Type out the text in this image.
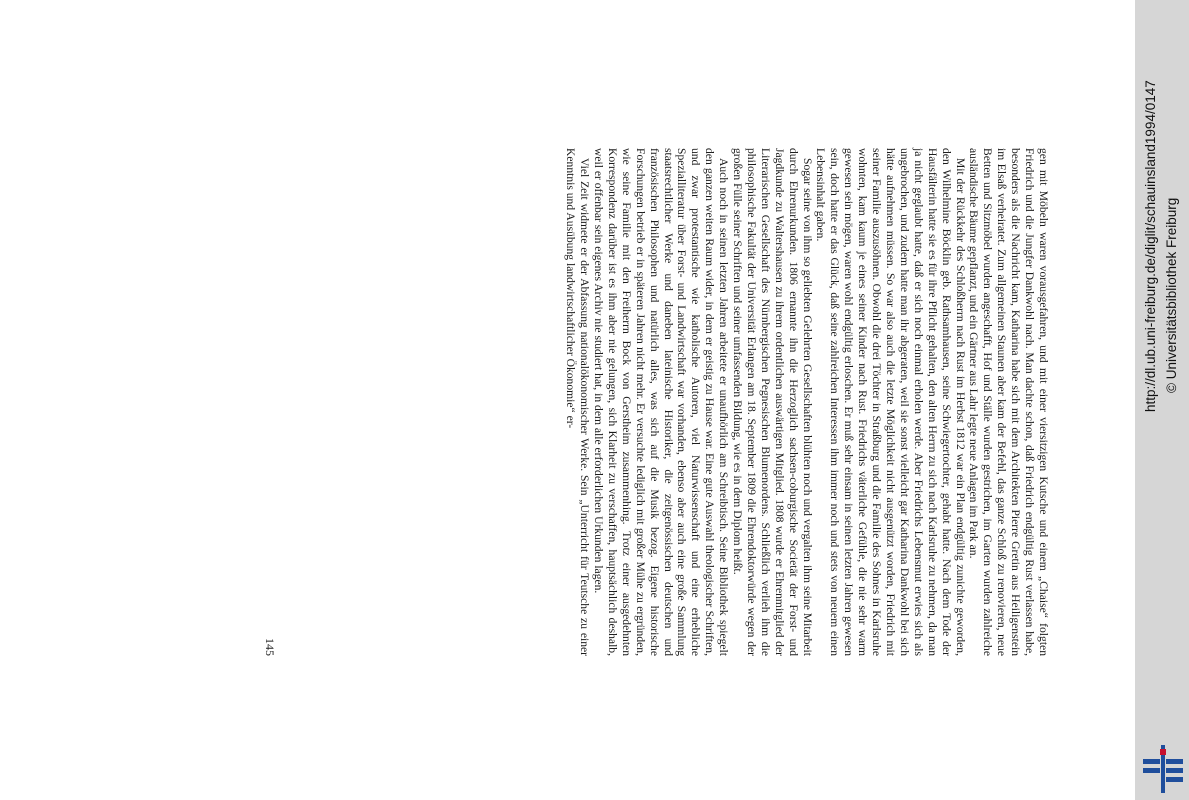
gen mit Möbeln waren vorausgefahren, und mit einer viersitzigen Kutsche und einem „Chaise“ folgten Friedrich und die Jungfer Dankwohl nach. Man dachte schon, daß Friedrich endgültig Rust verlassen habe, besonders als die Nachricht kam, Katharina habe sich mit dem Architekten Pierre Gretin aus Heiligenstein im Elsaß verheiratet. Zum allgemeinen Staunen aber kam der Befehl, das ganze Schloß zu renovieren, neue Betten und Sitzmöbel wurden angeschafft, Hof und Ställe wurden gestrichen, im Garten wurden zahlreiche ausländische Bäume gepflanzt, und ein Gärtner aus Lahr legte neue Anlagen im Park an.

Mit der Rückkehr des Schloßherrn nach Rust im Herbst 1812 war ein Plan endgültig zunichte geworden, den Wilhelmine Böcklin geb. Rathsamhausen, seine Schwiegertochter, gehabt hatte. Nach dem Tode der Hausfälterin hatte sie es für ihre Pflicht gehalten, den alten Herrn zu sich nach Karlsruhe zu nehmen, da man ja nicht geglaubt hatte, daß er sich noch einmal erholen werde. Aber Friedrichs Lebensmut erwies sich als ungebrochen, und zudem hatte man ihr abgeraten, weil sie sonst vielleicht gar Katharina Dankwohl bei sich hätte aufnehmen müssen. So war also auch die letzte Möglichkeit nicht ausgenützt worden, Friedrich mit seiner Familie auszusöhnen. Obwohl die drei Töchter in Straßburg und die Familie des Sohnes in Karlsruhe wohnten, kam kaum je eines seiner Kinder nach Rust. Friedrichs väterliche Gefühle, die nie sehr warm gewesen sein mögen, waren wohl endgültig erloschen. Er muß sehr einsam in seinen letzten Jahren gewesen sein, doch hatte er das Glück, daß seine zahlreichen Interessen ihm immer noch und stets von neuem einen Lebensinhalt gaben.

Sogar seine von ihm so geliebten Gelehrten Gesellschaften blühten noch und vergalten ihm seine Mitarbeit durch Ehrenurkunden. 1806 ernannte ihn die Herzoglich sachsen-coburgische Societät der Forst- und Jagdkunde zu Waltershausen zu ihrem ordentlichen auswärtigen Mitglied. 1808 wurde er Ehrenmitglied der Literarischen Gesellschaft des Nürnbergischen Pegnesischen Blumenordens. Schließlich verlieh ihm die philosophische Fakultät der Universität Erlangen am 18. September 1809 die Ehrendoktorwürde wegen der großen Fülle seiner Schriften und seiner umfassenden Bildung, wie es in dem Diplom heißt.

Auch noch in seinen letzten Jahren arbeitete er unaufhörlich am Schreibtisch. Seine Bibliothek spiegelt den ganzen weiten Raum wider, in dem er geistig zu Hause war. Eine gute Auswahl theologischer Schriften, und zwar protestantische wie katholische Autoren, viel Naturwissenschaft und eine erhebliche Spezialliteratur über Forst- und Landwirtschaft war vorhanden, ebenso aber auch eine große Sammlung staatsrechtlicher Werke und daneben lateinische Historiker, die zeitgenössischen deutschen und französischen Philosophen und natürlich alles, was sich auf die Musik bezog. Eigene historische Forschungen betrieb er in späteren Jahren nicht mehr. Er versuchte lediglich mit großer Mühe zu ergründen, wie seine Familie mit den Freiherrn Bock von Gerstheim zusammenhing. Trotz einer ausgedehnten Korrespondenz darüber ist es ihm aber nie gelungen, sich Klarheit zu verschaffen, hauptsächlich deshalb, weil er offenbar sein eigenes Archiv nie studiert hat, in dem alle erforderlichen Urkunden lagen.

Viel Zeit widmete er der Abfassung nationalökonomischer Werke. Sein „Unterricht für Teutsche zu einer Kenntnis und Ausübung landwirtschaftlicher Ökonomie“ er-

145
http://dl.ub.uni-freiburg.de/diglit/schauinsland1994/0147 © Universitätsbibliothek Freiburg
